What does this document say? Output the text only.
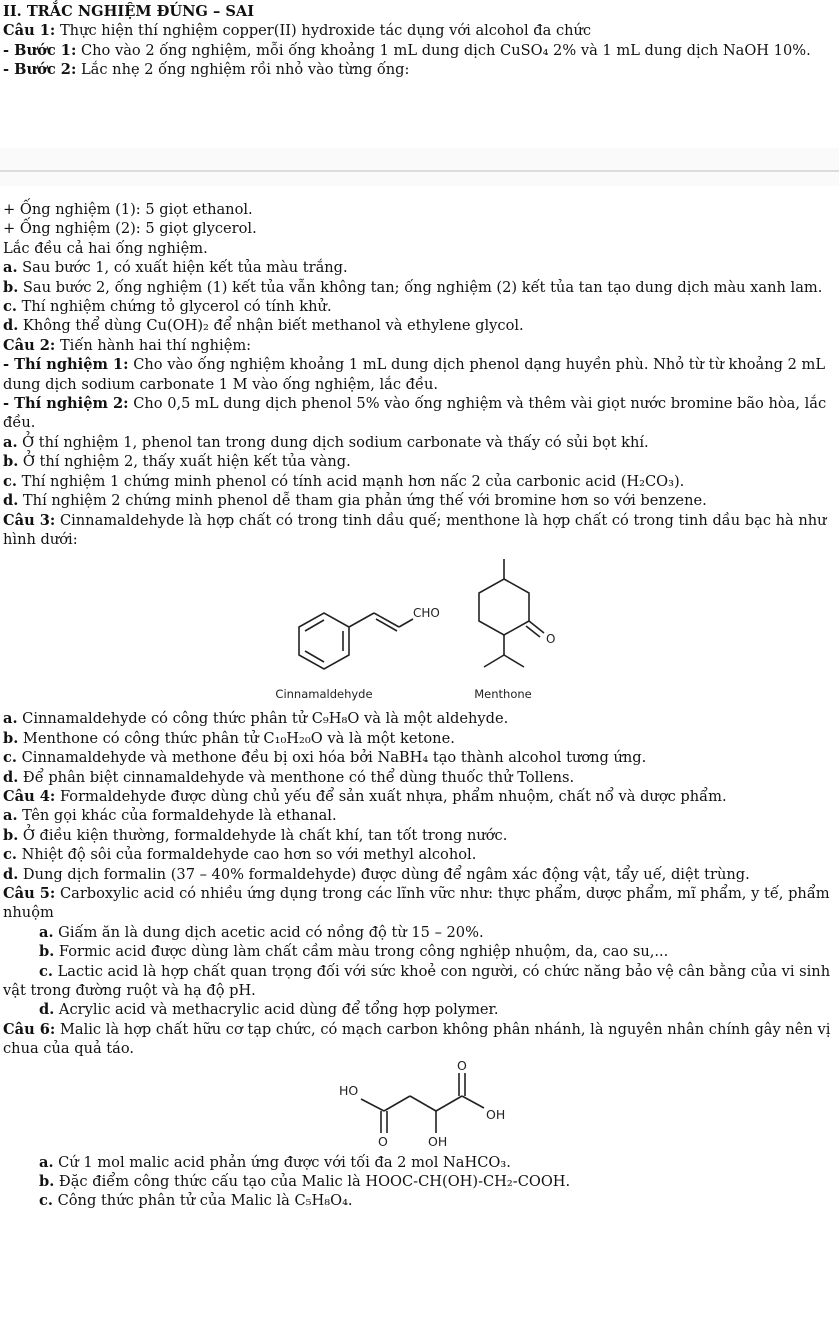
II. TRẮC NGHIỆM ĐÚNG – SAI

Câu 1: Thực hiện thí nghiệm copper(II) hydroxide tác dụng với alcohol đa chức

- Bước 1: Cho vào 2 ống nghiệm, mỗi ống khoảng 1 mL dung dịch CuSO₄ 2% và 1 mL dung dịch NaOH 10%.

- Bước 2: Lắc nhẹ 2 ống nghiệm rồi nhỏ vào từng ống:

+ Ống nghiệm (1): 5 giọt ethanol.

+ Ống nghiệm (2): 5 giọt glycerol.

Lắc đều cả hai ống nghiệm.

a. Sau bước 1, có xuất hiện kết tủa màu trắng.

b. Sau bước 2, ống nghiệm (1) kết tủa vẫn không tan; ống nghiệm (2) kết tủa tan tạo dung dịch màu xanh lam.

c. Thí nghiệm chứng tỏ glycerol có tính khử.

d. Không thể dùng Cu(OH)₂ để nhận biết methanol và ethylene glycol.

Câu 2: Tiến hành hai thí nghiệm:

- Thí nghiệm 1: Cho vào ống nghiệm khoảng 1 mL dung dịch phenol dạng huyền phù. Nhỏ từ từ khoảng 2 mL dung dịch sodium carbonate 1 M vào ống nghiệm, lắc đều.

- Thí nghiệm 2: Cho 0,5 mL dung dịch phenol 5% vào ống nghiệm và thêm vài giọt nước bromine bão hòa, lắc đều.

a. Ở thí nghiệm 1, phenol tan trong dung dịch sodium carbonate và thấy có sủi bọt khí.

b. Ở thí nghiệm 2, thấy xuất hiện kết tủa vàng.

c. Thí nghiệm 1 chứng minh phenol có tính acid mạnh hơn nấc 2 của carbonic acid (H₂CO₃).

d. Thí nghiệm 2 chứng minh phenol dễ tham gia phản ứng thế với bromine hơn so với benzene.

Câu 3: Cinnamaldehyde là hợp chất có trong tinh dầu quế; menthone là hợp chất có trong tinh dầu bạc hà như hình dưới:

CHO
Cinnamaldehyde
O
Menthone

a. Cinnamaldehyde có công thức phân tử C₉H₈O và là một aldehyde.

b. Menthone có công thức phân tử C₁₀H₂₀O và là một ketone.

c. Cinnamaldehyde và methone đều bị oxi hóa bởi NaBH₄ tạo thành alcohol tương ứng.

d. Để phân biệt cinnamaldehyde và menthone có thể dùng thuốc thử Tollens.

Câu 4: Formaldehyde được dùng chủ yếu để sản xuất nhựa, phẩm nhuộm, chất nổ và dược phẩm.

a. Tên gọi khác của formaldehyde là ethanal.

b. Ở điều kiện thường, formaldehyde là chất khí, tan tốt trong nước.

c. Nhiệt độ sôi của formaldehyde cao hơn so với methyl alcohol.

d. Dung dịch formalin (37 – 40% formaldehyde) được dùng để ngâm xác động vật, tẩy uế, diệt trùng.

Câu 5: Carboxylic acid có nhiều ứng dụng trong các lĩnh vữc như: thực phẩm, dược phẩm, mĩ phẩm, y tế, phẩm nhuộm

a. Giấm ăn là dung dịch acetic acid có nồng độ từ 15 – 20%.

b. Formic acid được dùng làm chất cầm màu trong công nghiệp nhuộm, da, cao su,...

c. Lactic acid là hợp chất quan trọng đối với sức khoẻ con người, có chức năng bảo vệ cân bằng của vi sinh vật trong đường ruột và hạ độ pH.

d. Acrylic acid và methacrylic acid dùng để tổng hợp polymer.

Câu 6: Malic là hợp chất hữu cơ tạp chức, có mạch carbon không phân nhánh, là nguyên nhân chính gây nên vị chua của quả táo.

HO
OH
O	OH
O

a. Cứ 1 mol malic acid phản ứng được với tối đa 2 mol NaHCO₃.

b. Đặc điểm công thức cấu tạo của Malic là HOOC-CH(OH)-CH₂-COOH.

c. Công thức phân tử của Malic là C₅H₈O₄.
